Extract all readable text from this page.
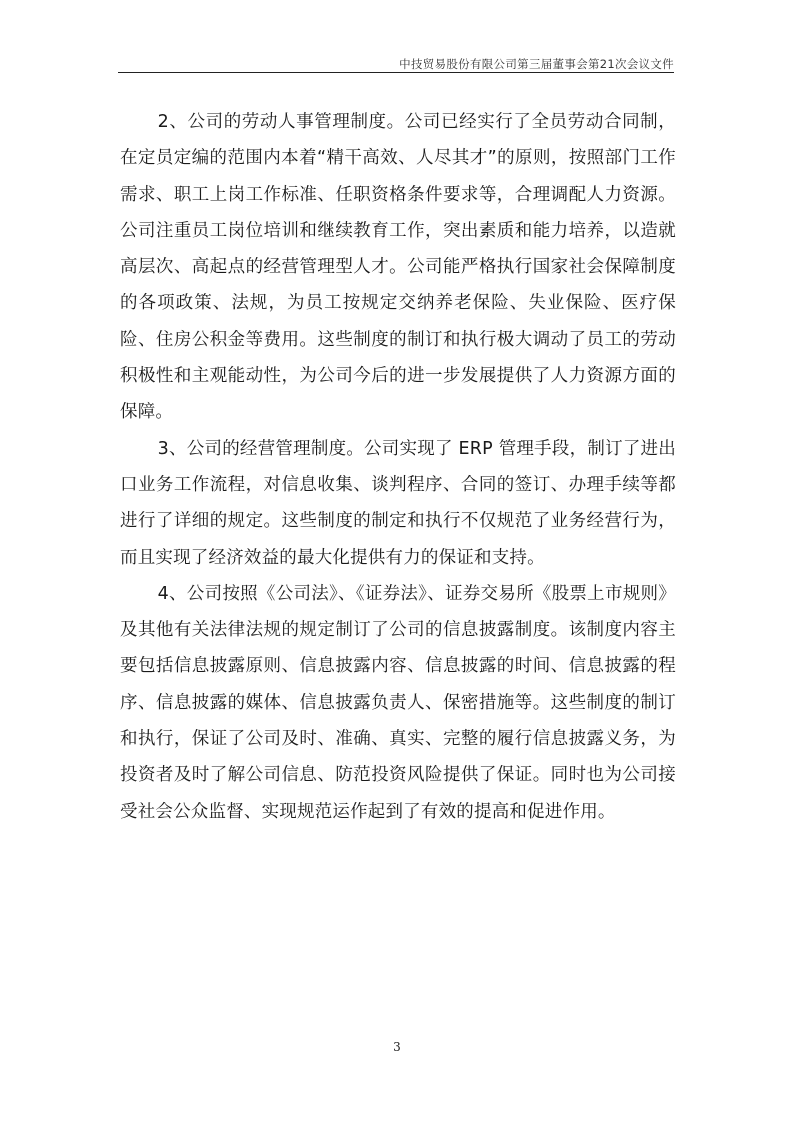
中技贸易股份有限公司第三届董事会第21次会议文件

2、公司的劳动人事管理制度。公司已经实行了全员劳动合同制，在定员定编的范围内本着“精干高效、人尽其才”的原则，按照部门工作需求、职工上岗工作标准、任职资格条件要求等，合理调配人力资源。公司注重员工岗位培训和继续教育工作，突出素质和能力培养，以造就高层次、高起点的经营管理型人才。公司能严格执行国家社会保障制度的各项政策、法规，为员工按规定交纳养老保险、失业保险、医疗保险、住房公积金等费用。这些制度的制订和执行极大调动了员工的劳动积极性和主观能动性，为公司今后的进一步发展提供了人力资源方面的保障。

3、公司的经营管理制度。公司实现了 ERP 管理手段，制订了进出口业务工作流程，对信息收集、谈判程序、合同的签订、办理手续等都进行了详细的规定。这些制度的制定和执行不仅规范了业务经营行为，而且实现了经济效益的最大化提供有力的保证和支持。

4、公司按照《公司法》、《证券法》、证券交易所《股票上市规则》及其他有关法律法规的规定制订了公司的信息披露制度。该制度内容主要包括信息披露原则、信息披露内容、信息披露的时间、信息披露的程序、信息披露的媒体、信息披露负责人、保密措施等。这些制度的制订和执行，保证了公司及时、准确、真实、完整的履行信息披露义务，为投资者及时了解公司信息、防范投资风险提供了保证。同时也为公司接受社会公众监督、实现规范运作起到了有效的提高和促进作用。

3
